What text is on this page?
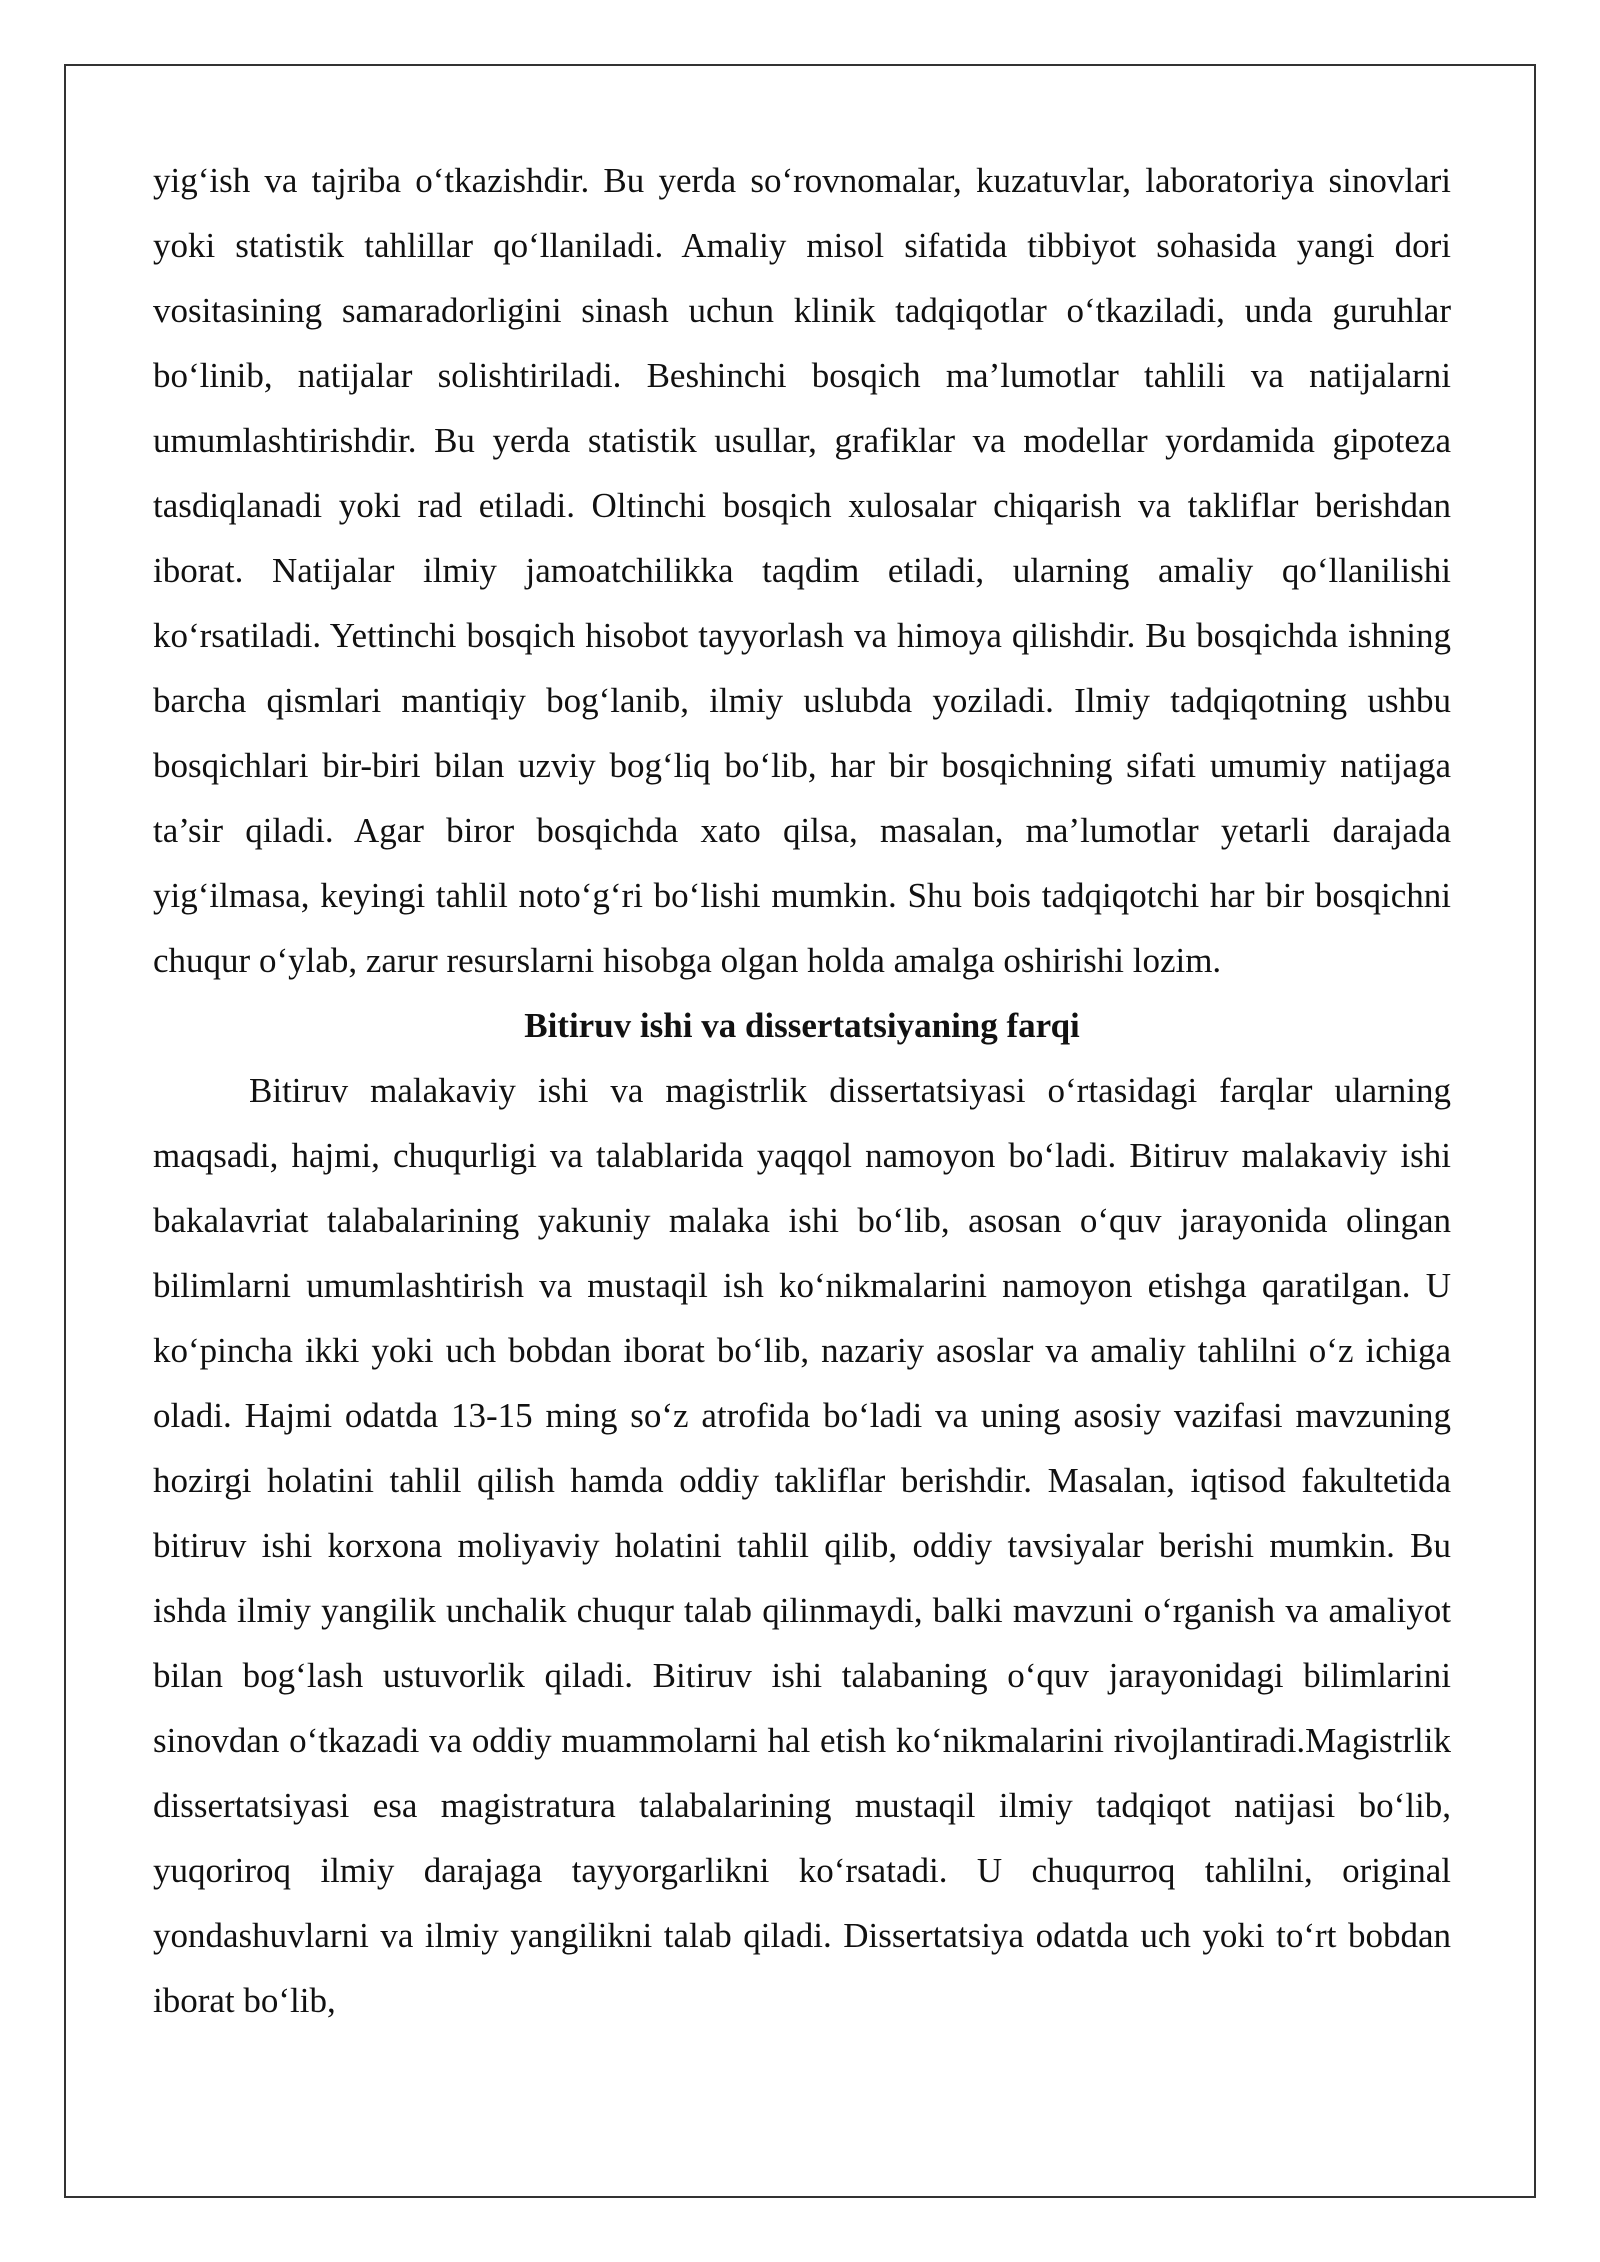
yig‘ish va tajriba o‘tkazishdir. Bu yerda so‘rovnomalar, kuzatuvlar, laboratoriya sinovlari yoki statistik tahlillar qo‘llaniladi. Amaliy misol sifatida tibbiyot sohasida yangi dori vositasining samaradorligini sinash uchun klinik tadqiqotlar o‘tkaziladi, unda guruhlar bo‘linib, natijalar solishtiriladi. Beshinchi bosqich ma’lumotlar tahlili va natijalarni umumlashtirishdir. Bu yerda statistik usullar, grafiklar va modellar yordamida gipoteza tasdiqlanadi yoki rad etiladi. Oltinchi bosqich xulosalar chiqarish va takliflar berishdan iborat. Natijalar ilmiy jamoatchilikka taqdim etiladi, ularning amaliy qo‘llanilishi ko‘rsatiladi. Yettinchi bosqich hisobot tayyorlash va himoya qilishdir. Bu bosqichda ishning barcha qismlari mantiqiy bog‘lanib, ilmiy uslubda yoziladi. Ilmiy tadqiqotning ushbu bosqichlari bir-biri bilan uzviy bog‘liq bo‘lib, har bir bosqichning sifati umumiy natijaga ta’sir qiladi. Agar biror bosqichda xato qilsa, masalan, ma’lumotlar yetarli darajada yig‘ilmasa, keyingi tahlil noto‘g‘ri bo‘lishi mumkin. Shu bois tadqiqotchi har bir bosqichni chuqur o‘ylab, zarur resurslarni hisobga olgan holda amalga oshirishi lozim.

Bitiruv ishi va dissertatsiyaning farqi

Bitiruv malakaviy ishi va magistrlik dissertatsiyasi o‘rtasidagi farqlar ularning maqsadi, hajmi, chuqurligi va talablarida yaqqol namoyon bo‘ladi. Bitiruv malakaviy ishi bakalavriat talabalarining yakuniy malaka ishi bo‘lib, asosan o‘quv jarayonida olingan bilimlarni umumlashtirish va mustaqil ish ko‘nikmalarini namoyon etishga qaratilgan. U ko‘pincha ikki yoki uch bobdan iborat bo‘lib, nazariy asoslar va amaliy tahlilni o‘z ichiga oladi. Hajmi odatda 13-15 ming so‘z atrofida bo‘ladi va uning asosiy vazifasi mavzuning hozirgi holatini tahlil qilish hamda oddiy takliflar berishdir. Masalan, iqtisod fakultetida bitiruv ishi korxona moliyaviy holatini tahlil qilib, oddiy tavsiyalar berishi mumkin. Bu ishda ilmiy yangilik unchalik chuqur talab qilinmaydi, balki mavzuni o‘rganish va amaliyot bilan bog‘lash ustuvorlik qiladi. Bitiruv ishi talabaning o‘quv jarayonidagi bilimlarini sinovdan o‘tkazadi va oddiy muammolarni hal etish ko‘nikmalarini rivojlantiradi.Magistrlik dissertatsiyasi esa magistratura talabalarining mustaqil ilmiy tadqiqot natijasi bo‘lib, yuqoriroq ilmiy darajaga tayyorgarlikni ko‘rsatadi. U chuqurroq tahlilni, original yondashuvlarni va ilmiy yangilikni talab qiladi. Dissertatsiya odatda uch yoki to‘rt bobdan iborat bo‘lib,
